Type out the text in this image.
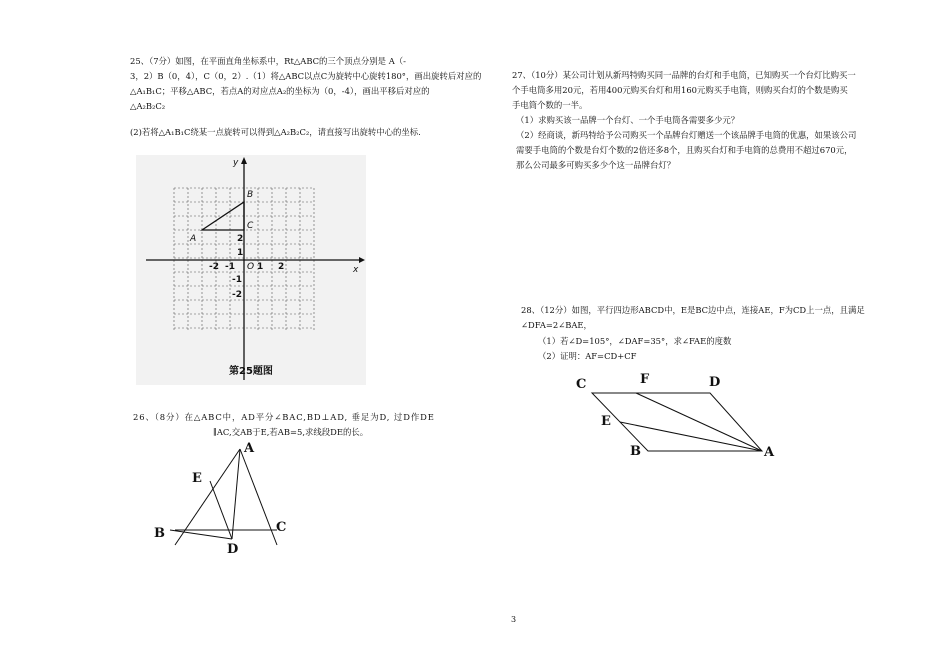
25、（7分）如图，在平面直角坐标系中，Rt△ABC的三个顶点分别是 A（-
3，2）B（0，4），C（0，2）.（1）将△ABC以点C为旋转中心旋转180°，画出旋转后对应的
△A₁B₁C；平移△ABC，若点A的对应点A₂的坐标为（0，-4），画出平移后对应的
△A₂B₂C₂
(2)若将△A₁B₁C绕某一点旋转可以得到△A₂B₂C₂，请直接写出旋转中心的坐标.
x
y
A
B
C
O
-2 -1 1 2
2
1
-1
-2
第25题图
26、（8分）在△ABC中，AD平分∠BAC,BD⊥AD, 垂足为D, 过D作DE
∥AC,交AB于E,若AB=5,求线段DE的长。
A
E
B	C
D
27、（10分）某公司计划从新玛特购买同一品牌的台灯和手电筒，已知购买一个台灯比购买一
个手电筒多用20元，若用400元购买台灯和用160元购买手电筒，则购买台灯的个数是购买
手电筒个数的一半。
（1）求购买该一品牌一个台灯、一个手电筒各需要多少元？
（2）经商谈，新玛特给予公司购买一个品牌台灯赠送一个该品牌手电筒的优惠，如果该公司
需要手电筒的个数是台灯个数的2倍还多8个，且购买台灯和手电筒的总费用不超过670元，
那么公司最多可购买多少个这一品牌台灯？
28、（12分）如图，平行四边形ABCD中，E是BC边中点，连接AE，F为CD上一点，且满足
∠DFA=2∠BAE，
（1）若∠D=105°，∠DAF=35°，求∠FAE的度数
（2）证明：AF=CD+CF
C	F	D
E
B	A
3
